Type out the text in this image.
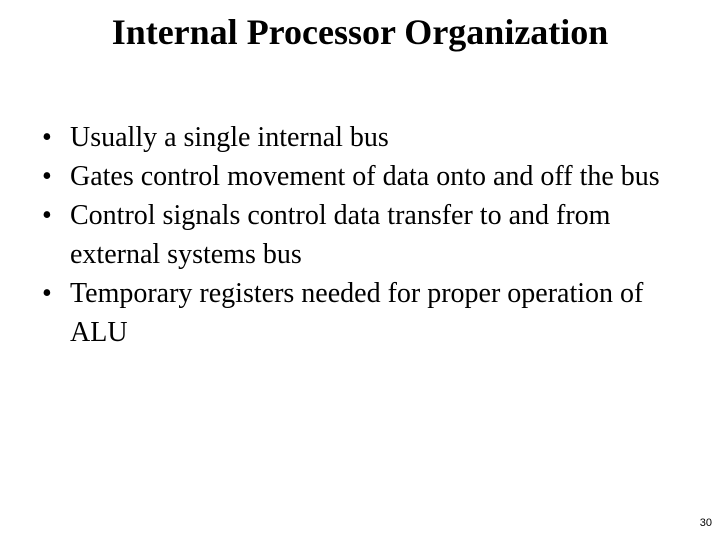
Internal Processor Organization
• Usually a single internal bus
• Gates control movement of data onto and off the bus
• Control signals control data transfer to and from external systems bus
• Temporary registers needed for proper operation of ALU
30
